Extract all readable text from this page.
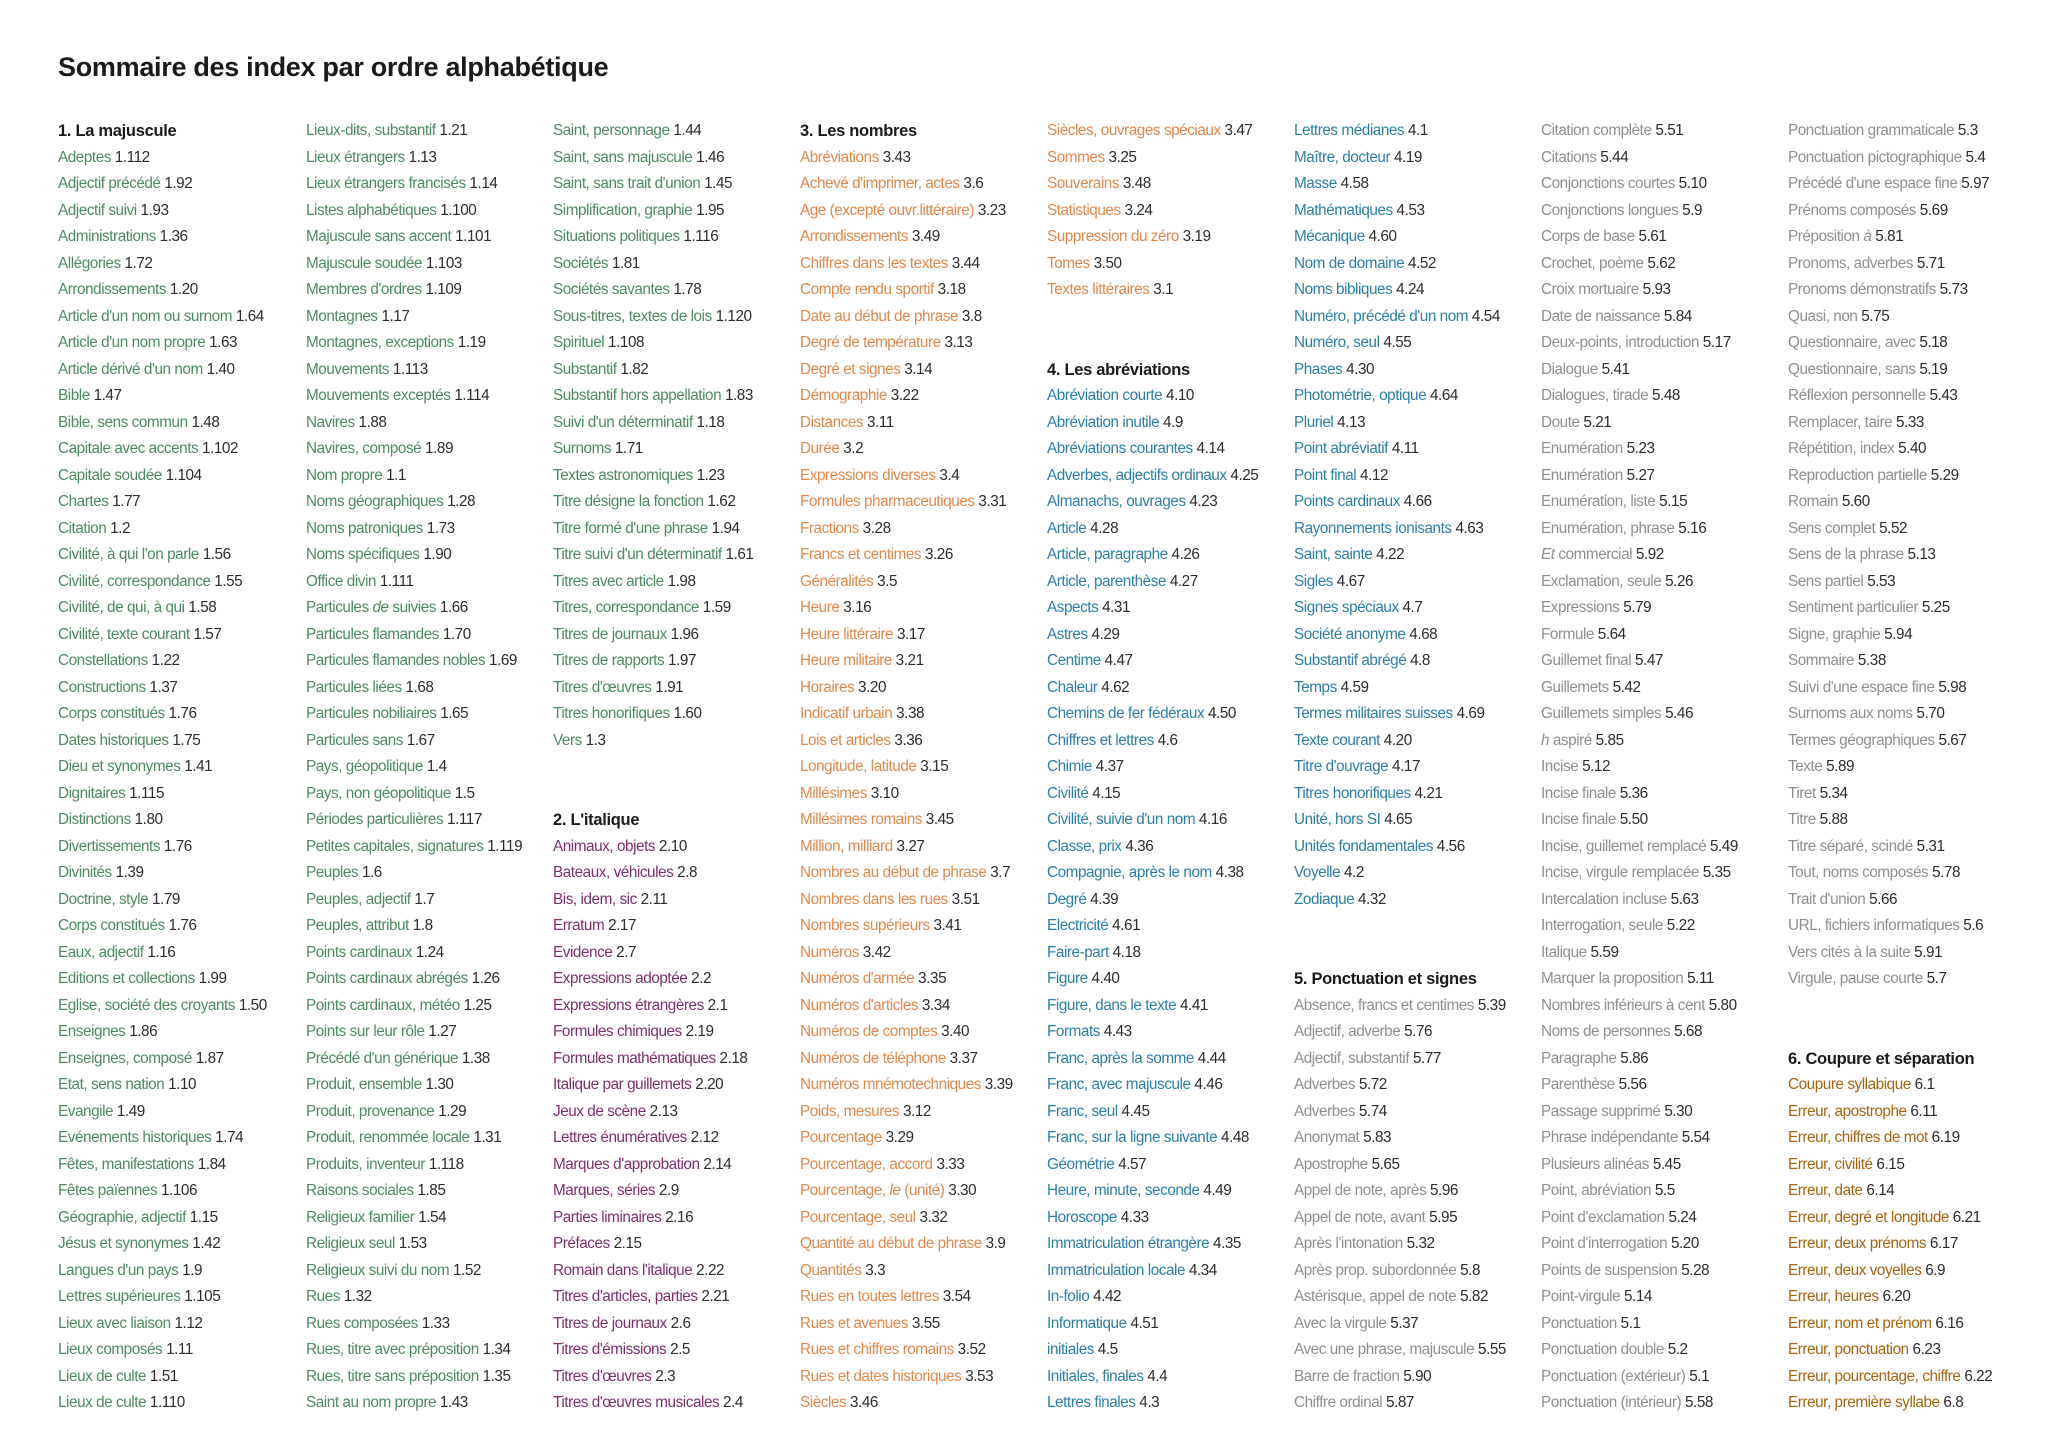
Sommaire des index par ordre alphabétique
1. La majuscule
Adeptes 1.112
Adjectif précédé 1.92
Adjectif suivi 1.93
Administrations 1.36
Allégories 1.72
Arrondissements 1.20
Article d'un nom ou surnom 1.64
Article d'un nom propre 1.63
Article dérivé d'un nom 1.40
Bible 1.47
Bible, sens commun 1.48
Capitale avec accents 1.102
Capitale soudée 1.104
Chartes 1.77
Citation 1.2
Civilité, à qui l'on parle 1.56
Civilité, correspondance 1.55
Civilité, de qui, à qui 1.58
Civilité, texte courant 1.57
Constellations 1.22
Constructions 1.37
Corps constitués 1.76
Dates historiques 1.75
Dieu et synonymes 1.41
Dignitaires 1.115
Distinctions 1.80
Divertissements 1.76
Divinités 1.39
Doctrine, style 1.79
Corps constitués 1.76
Eaux, adjectif 1.16
Editions et collections 1.99
Eglise, société des croyants 1.50
Enseignes 1.86
Enseignes, composé 1.87
Etat, sens nation 1.10
Evangile 1.49
Evénements historiques 1.74
Fêtes, manifestations 1.84
Fêtes païennes 1.106
Géographie, adjectif 1.15
Jésus et synonymes 1.42
Langues d'un pays 1.9
Lettres supérieures 1.105
Lieux avec liaison 1.12
Lieux composés 1.11
Lieux de culte 1.51
Lieux de culte 1.110
Lieux-dits, substantif 1.21
Lieux étrangers 1.13
Lieux étrangers francisés 1.14
Listes alphabétiques 1.100
Majuscule sans accent 1.101
Majuscule soudée 1.103
Membres d'ordres 1.109
Montagnes 1.17
Montagnes, exceptions 1.19
Mouvements 1.113
Mouvements exceptés 1.114
Navires 1.88
Navires, composé 1.89
Nom propre 1.1
Noms géographiques 1.28
Noms patroniques 1.73
Noms spécifiques 1.90
Office divin 1.111
Particules de suivies 1.66
Particules flamandes 1.70
Particules flamandes nobles 1.69
Particules liées 1.68
Particules nobiliaires 1.65
Particules sans 1.67
Pays, géopolitique 1.4
Pays, non géopolitique 1.5
Périodes particulières 1.117
Petites capitales, signatures 1.119
Peuples 1.6
Peuples, adjectif 1.7
Peuples, attribut 1.8
Points cardinaux 1.24
Points cardinaux abrégés 1.26
Points cardinaux, météo 1.25
Points sur leur rôle 1.27
Précédé d'un générique 1.38
Produit, ensemble 1.30
Produit, provenance 1.29
Produit, renommée locale 1.31
Produits, inventeur 1.118
Raisons sociales 1.85
Religieux familier 1.54
Religieux seul 1.53
Religieux suivi du nom 1.52
Rues 1.32
Rues composées 1.33
Rues, titre avec préposition 1.34
Rues, titre sans préposition 1.35
Saint au nom propre 1.43
Saint, personnage 1.44
Saint, sans majuscule 1.46
Saint, sans trait d'union 1.45
Simplification, graphie 1.95
Situations politiques 1.116
Sociétés 1.81
Sociétés savantes 1.78
Sous-titres, textes de lois 1.120
Spirituel 1.108
Substantif 1.82
Substantif hors appellation 1.83
Suivi d'un déterminatif 1.18
Surnoms 1.71
Textes astronomiques 1.23
Titre désigne la fonction 1.62
Titre formé d'une phrase 1.94
Titre suivi d'un déterminatif 1.61
Titres avec article 1.98
Titres, correspondance 1.59
Titres de journaux 1.96
Titres de rapports 1.97
Titres d'œuvres 1.91
Titres honorifiques 1.60
Vers 1.3

2. L'italique
Animaux, objets 2.10
Bateaux, véhicules 2.8
Bis, idem, sic 2.11
Erratum 2.17
Evidence 2.7
Expressions adoptée 2.2
Expressions étrangères 2.1
Formules chimiques 2.19
Formules mathématiques 2.18
Italique par guillemets 2.20
Jeux de scène 2.13
Lettres énumératives 2.12
Marques d'approbation 2.14
Marques, séries 2.9
Parties liminaires 2.16
Préfaces 2.15
Romain dans l'italique 2.22
Titres d'articles, parties 2.21
Titres de journaux 2.6
Titres d'émissions 2.5
Titres d'œuvres 2.3
Titres d'œuvres musicales 2.4
3. Les nombres
Abréviations 3.43
Achevé d'imprimer, actes 3.6
Age (excepté ouvr.littéraire) 3.23
Arrondissements 3.49
Chiffres dans les textes 3.44
Compte rendu sportif 3.18
Date au début de phrase 3.8
Degré de température 3.13
Degré et signes 3.14
Démographie 3.22
Distances 3.11
Durée 3.2
Expressions diverses 3.4
Formules pharmaceutiques 3.31
Fractions 3.28
Francs et centimes 3.26
Généralités 3.5
Heure 3.16
Heure littéraire 3.17
Heure militaire 3.21
Horaires 3.20
Indicatif urbain 3.38
Lois et articles 3.36
Longitude, latitude 3.15
Millésimes 3.10
Millésimes romains 3.45
Million, milliard 3.27
Nombres au début de phrase 3.7
Nombres dans les rues 3.51
Nombres supérieurs 3.41
Numéros 3.42
Numéros d'armée 3.35
Numéros d'articles 3.34
Numéros de comptes 3.40
Numéros de téléphone 3.37
Numéros mnémotechniques 3.39
Poids, mesures 3.12
Pourcentage 3.29
Pourcentage, accord 3.33
Pourcentage, le (unité) 3.30
Pourcentage, seul 3.32
Quantité au début de phrase 3.9
Quantités 3.3
Rues en toutes lettres 3.54
Rues et avenues 3.55
Rues et chiffres romains 3.52
Rues et dates historiques 3.53
Siècles 3.46
Siècles, ouvrages spéciaux 3.47
Sommes 3.25
Souverains 3.48
Statistiques 3.24
Suppression du zéro 3.19
Tomes 3.50
Textes littéraires 3.1

4. Les abréviations
Abréviation courte 4.10
Abréviation inutile 4.9
Abréviations courantes 4.14
Adverbes, adjectifs ordinaux 4.25
Almanachs, ouvrages 4.23
Article 4.28
Article, paragraphe 4.26
Article, parenthèse 4.27
Aspects 4.31
Astres 4.29
Centime 4.47
Chaleur 4.62
Chemins de fer fédéraux 4.50
Chiffres et lettres 4.6
Chimie 4.37
Civilité 4.15
Civilité, suivie d'un nom 4.16
Classe, prix 4.36
Compagnie, après le nom 4.38
Degré 4.39
Electricité 4.61
Faire-part 4.18
Figure 4.40
Figure, dans le texte 4.41
Formats 4.43
Franc, après la somme 4.44
Franc, avec majuscule 4.46
Franc, seul 4.45
Franc, sur la ligne suivante 4.48
Géométrie 4.57
Heure, minute, seconde 4.49
Horoscope 4.33
Immatriculation étrangère 4.35
Immatriculation locale 4.34
In-folio 4.42
Informatique 4.51
initiales 4.5
Initiales, finales 4.4
Lettres finales 4.3
Lettres médianes 4.1
Maître, docteur 4.19
Masse 4.58
Mathématiques 4.53
Mécanique 4.60
Nom de domaine 4.52
Noms bibliques 4.24
Numéro, précédé d'un nom 4.54
Numéro, seul 4.55
Phases 4.30
Photométrie, optique 4.64
Pluriel 4.13
Point abréviatif 4.11
Point final 4.12
Points cardinaux 4.66
Rayonnements ionisants 4.63
Saint, sainte 4.22
Sigles 4.67
Signes spéciaux 4.7
Société anonyme 4.68
Substantif abrégé 4.8
Temps 4.59
Termes militaires suisses 4.69
Texte courant 4.20
Titre d'ouvrage 4.17
Titres honorifiques 4.21
Unité, hors SI 4.65
Unités fondamentales 4.56
Voyelle 4.2
Zodiaque 4.32

5. Ponctuation et signes
Absence, francs et centimes 5.39
Adjectif, adverbe 5.76
Adjectif, substantif 5.77
Adverbes 5.72
Adverbes 5.74
Anonymat 5.83
Apostrophe 5.65
Appel de note, après 5.96
Appel de note, avant 5.95
Après l'intonation 5.32
Après prop. subordonnée 5.8
Astérisque, appel de note 5.82
Avec la virgule 5.37
Avec une phrase, majuscule 5.55
Barre de fraction 5.90
Chiffre ordinal 5.87
Citation complète 5.51
Citations 5.44
Conjonctions courtes 5.10
Conjonctions longues 5.9
Corps de base 5.61
Crochet, poème 5.62
Croix mortuaire 5.93
Date de naissance 5.84
Deux-points, introduction 5.17
Dialogue 5.41
Dialogues, tirade 5.48
Doute 5.21
Enumération 5.23
Enumération 5.27
Enumération, liste 5.15
Enumération, phrase 5.16
Et commercial 5.92
Exclamation, seule 5.26
Expressions 5.79
Formule 5.64
Guillemet final 5.47
Guillemets 5.42
Guillemets simples 5.46
h aspiré 5.85
Incise 5.12
Incise finale 5.36
Incise finale 5.50
Incise, guillemet remplacé 5.49
Incise, virgule remplacée 5.35
Intercalation incluse 5.63
Interrogation, seule 5.22
Italique 5.59
Marquer la proposition 5.11
Nombres inférieurs à cent 5.80
Noms de personnes 5.68
Paragraphe 5.86
Parenthèse 5.56
Passage supprimé 5.30
Phrase indépendante 5.54
Plusieurs alinéas 5.45
Point, abréviation 5.5
Point d'exclamation 5.24
Point d'interrogation 5.20
Points de suspension 5.28
Point-virgule 5.14
Ponctuation 5.1
Ponctuation double 5.2
Ponctuation (extérieur) 5.1
Ponctuation (intérieur) 5.58
Ponctuation grammaticale 5.3
Ponctuation pictographique 5.4
Précédé d'une espace fine 5.97
Prénoms composés 5.69
Préposition à 5.81
Pronoms, adverbes 5.71
Pronoms démonstratifs 5.73
Quasi, non 5.75
Questionnaire, avec 5.18
Questionnaire, sans 5.19
Réflexion personnelle 5.43
Remplacer, taire 5.33
Répétition, index 5.40
Reproduction partielle 5.29
Romain 5.60
Sens complet 5.52
Sens de la phrase 5.13
Sens partiel 5.53
Sentiment particulier 5.25
Signe, graphie 5.94
Sommaire 5.38
Suivi d'une espace fine 5.98
Surnoms aux noms 5.70
Termes géographiques 5.67
Texte 5.89
Tiret 5.34
Titre 5.88
Titre séparé, scindé 5.31
Tout, noms composés 5.78
Trait d'union 5.66
URL, fichiers informatiques 5.6
Vers cités à la suite 5.91
Virgule, pause courte 5.7

6. Coupure et séparation
Coupure syllabique 6.1
Erreur, apostrophe 6.11
Erreur, chiffres de mot 6.19
Erreur, civilité 6.15
Erreur, date 6.14
Erreur, degré et longitude 6.21
Erreur, deux prénoms 6.17
Erreur, deux voyelles 6.9
Erreur, heures 6.20
Erreur, nom et prénom 6.16
Erreur, ponctuation 6.23
Erreur, pourcentage, chiffre 6.22
Erreur, première syllabe 6.8
